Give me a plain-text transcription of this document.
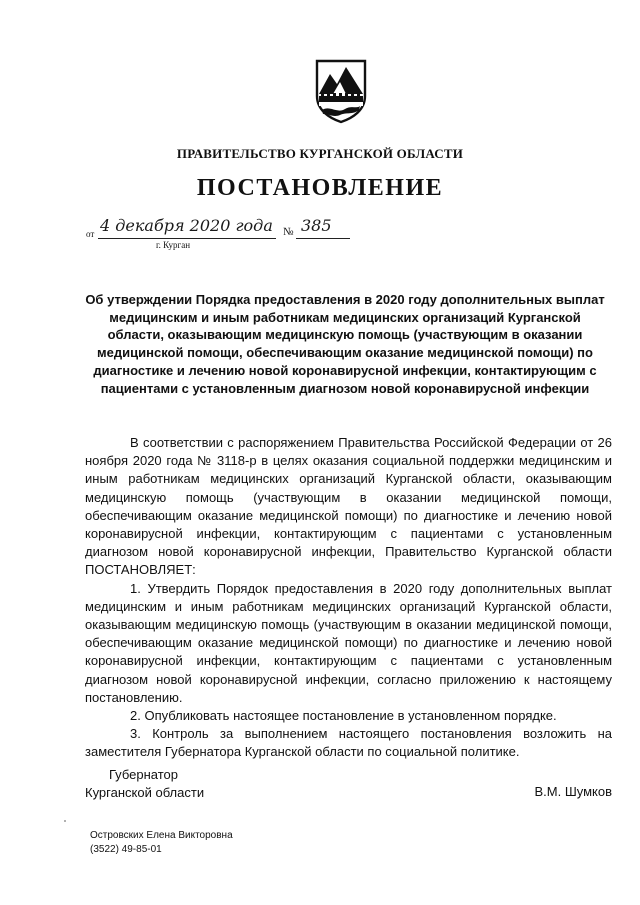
ПРАВИТЕЛЬСТВО КУРГАНСКОЙ ОБЛАСТИ
ПОСТАНОВЛЕНИЕ
от 4 декабря 2020 года № 385
г. Курган
Об утверждении Порядка предоставления в 2020 году дополнительных выплат медицинским и иным работникам медицинских организаций Курганской области, оказывающим медицинскую помощь (участвующим в оказании медицинской помощи, обеспечивающим оказание медицинской помощи) по диагностике и лечению новой коронавирусной инфекции, контактирующим с пациентами с установленным диагнозом новой коронавирусной инфекции

В соответствии с распоряжением Правительства Российской Федерации от 26 ноября 2020 года № 3118-р в целях оказания социальной поддержки медицинским и иным работникам медицинских организаций Курганской области, оказывающим медицинскую помощь (участвующим в оказании медицинской помощи, обеспечивающим оказание медицинской помощи) по диагностике и лечению новой коронавирусной инфекции, контактирующим с пациентами с установленным диагнозом новой коронавирусной инфекции, Правительство Курганской области ПОСТАНОВЛЯЕТ:

1. Утвердить Порядок предоставления в 2020 году дополнительных выплат медицинским и иным работникам медицинских организаций Курганской области, оказывающим медицинскую помощь (участвующим в оказании медицинской помощи, обеспечивающим оказание медицинской помощи) по диагностике и лечению новой коронавирусной инфекции, контактирующим с пациентами с установленным диагнозом новой коронавирусной инфекции, согласно приложению к настоящему постановлению.

2. Опубликовать настоящее постановление в установленном порядке.

3. Контроль за выполнением настоящего постановления возложить на заместителя Губернатора Курганской области по социальной политике.

Губернатор
Курганской области	В.М. Шумков
Островских Елена Викторовна
(3522) 49-85-01
